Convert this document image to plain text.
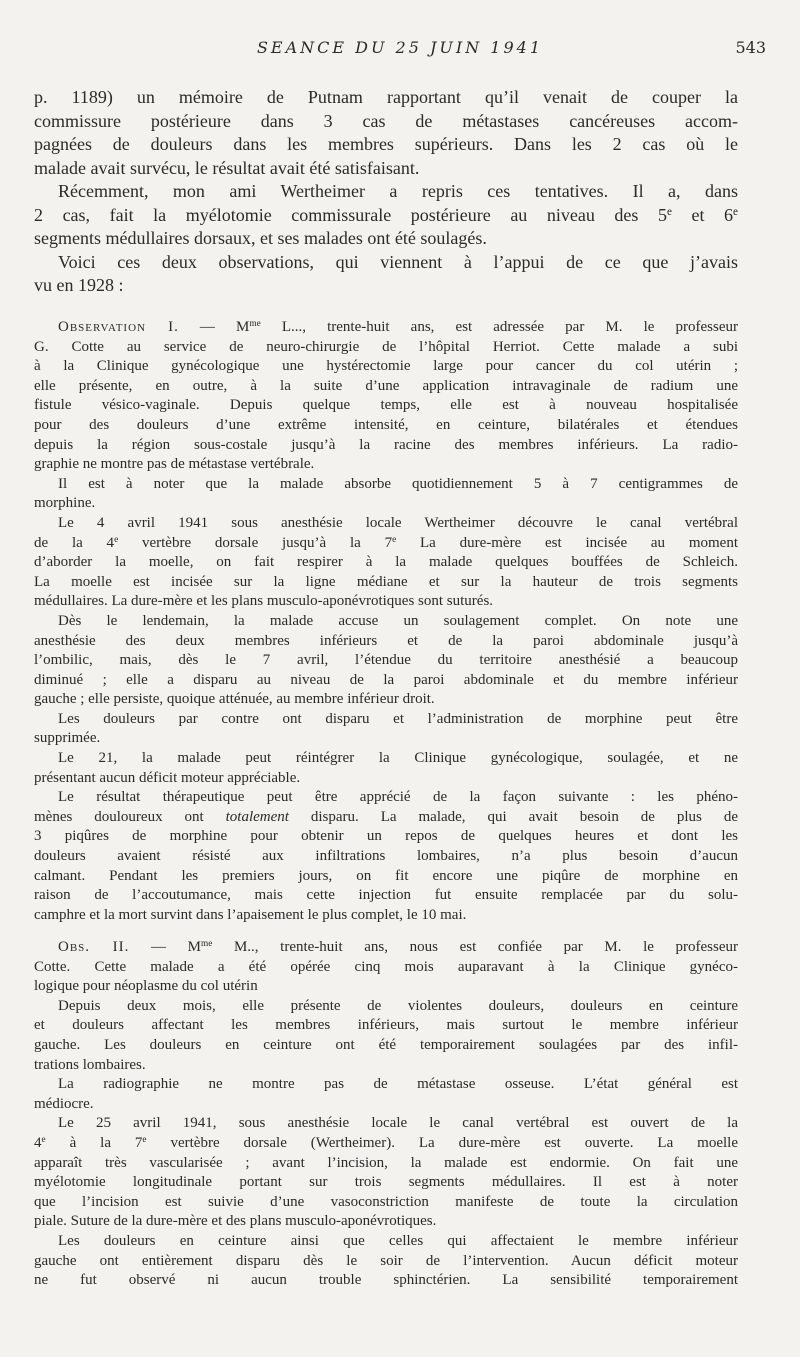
SEANCE DU 25 JUIN 1941	543
p. 1189) un mémoire de Putnam rapportant qu’il venait de couper la
commissure postérieure dans 3 cas de métastases cancéreuses accom-
pagnées de douleurs dans les membres supérieurs. Dans les 2 cas où le
malade avait survécu, le résultat avait été satisfaisant.
Récemment, mon ami Wertheimer a repris ces tentatives. Il a, dans
2 cas, fait la myélotomie commissurale postérieure au niveau des 5e et 6e
segments médullaires dorsaux, et ses malades ont été soulagés.
Voici ces deux observations, qui viennent à l’appui de ce que j’avais
vu en 1928 :
Observation I. — $M^{me}$ L..., trente-huit ans, est adressée par M. le professeur
G. Cotte au service de neuro-chirurgie de l’hôpital Herriot. Cette malade a subi
à la Clinique gynécologique une hystérectomie large pour cancer du col utérin ;
elle présente, en outre, à la suite d’une application intravaginale de radium une
fistule vésico-vaginale. Depuis quelque temps, elle est à nouveau hospitalisée
pour des douleurs d’une extrême intensité, en ceinture, bilatérales et étendues
depuis la région sous-costale jusqu’à la racine des membres inférieurs. La radio-
graphie ne montre pas de métastase vertébrale.
Il est à noter que la malade absorbe quotidiennement 5 à 7 centigrammes de
morphine.
Le 4 avril 1941 sous anesthésie locale Wertheimer découvre le canal vertébral
de la 4e vertèbre dorsale jusqu’à la 7e La dure-mère est incisée au moment
d’aborder la moelle, on fait respirer à la malade quelques bouffées de Schleich.
La moelle est incisée sur la ligne médiane et sur la hauteur de trois segments
médullaires. La dure-mère et les plans musculo-aponévrotiques sont suturés.
Dès le lendemain, la malade accuse un soulagement complet. On note une
anesthésie des deux membres inférieurs et de la paroi abdominale jusqu’à
l’ombilic, mais, dès le 7 avril, l’étendue du territoire anesthésié a beaucoup
diminué ; elle a disparu au niveau de la paroi abdominale et du membre inférieur
gauche ; elle persiste, quoique atténuée, au membre inférieur droit.
Les douleurs par contre ont disparu et l’administration de morphine peut être
supprimée.
Le 21, la malade peut réintégrer la Clinique gynécologique, soulagée, et ne
présentant aucun déficit moteur appréciable.
Le résultat thérapeutique peut être apprécié de la façon suivante : les phéno-
mènes douloureux ont totalement disparu. La malade, qui avait besoin de plus de
3 piqûres de morphine pour obtenir un repos de quelques heures et dont les
douleurs avaient résisté aux infiltrations lombaires, n’a plus besoin d’aucun
calmant. Pendant les premiers jours, on fit encore une piqûre de morphine en
raison de l’accoutumance, mais cette injection fut ensuite remplacée par du solu-
camphre et la mort survint dans l’apaisement le plus complet, le 10 mai.
Obs. II. — $M^{me}$ M.., trente-huit ans, nous est confiée par M. le professeur
Cotte. Cette malade a été opérée cinq mois auparavant à la Clinique gynéco-
logique pour néoplasme du col utérin
Depuis deux mois, elle présente de violentes douleurs, douleurs en ceinture
et douleurs affectant les membres inférieurs, mais surtout le membre inférieur
gauche. Les douleurs en ceinture ont été temporairement soulagées par des infil-
trations lombaires.
La radiographie ne montre pas de métastase osseuse. L’état général est
médiocre.
Le 25 avril 1941, sous anesthésie locale le canal vertébral est ouvert de la
4e à la 7e vertèbre dorsale (Wertheimer). La dure-mère est ouverte. La moelle
apparaît très vascularisée ; avant l’incision, la malade est endormie. On fait une
myélotomie longitudinale portant sur trois segments médullaires. Il est à noter
que l’incision est suivie d’une vasoconstriction manifeste de toute la circulation
piale. Suture de la dure-mère et des plans musculo-aponévrotiques.
Les douleurs en ceinture ainsi que celles qui affectaient le membre inférieur
gauche ont entièrement disparu dès le soir de l’intervention. Aucun déficit moteur
ne fut observé ni aucun trouble sphinctérien. La sensibilité temporairement
